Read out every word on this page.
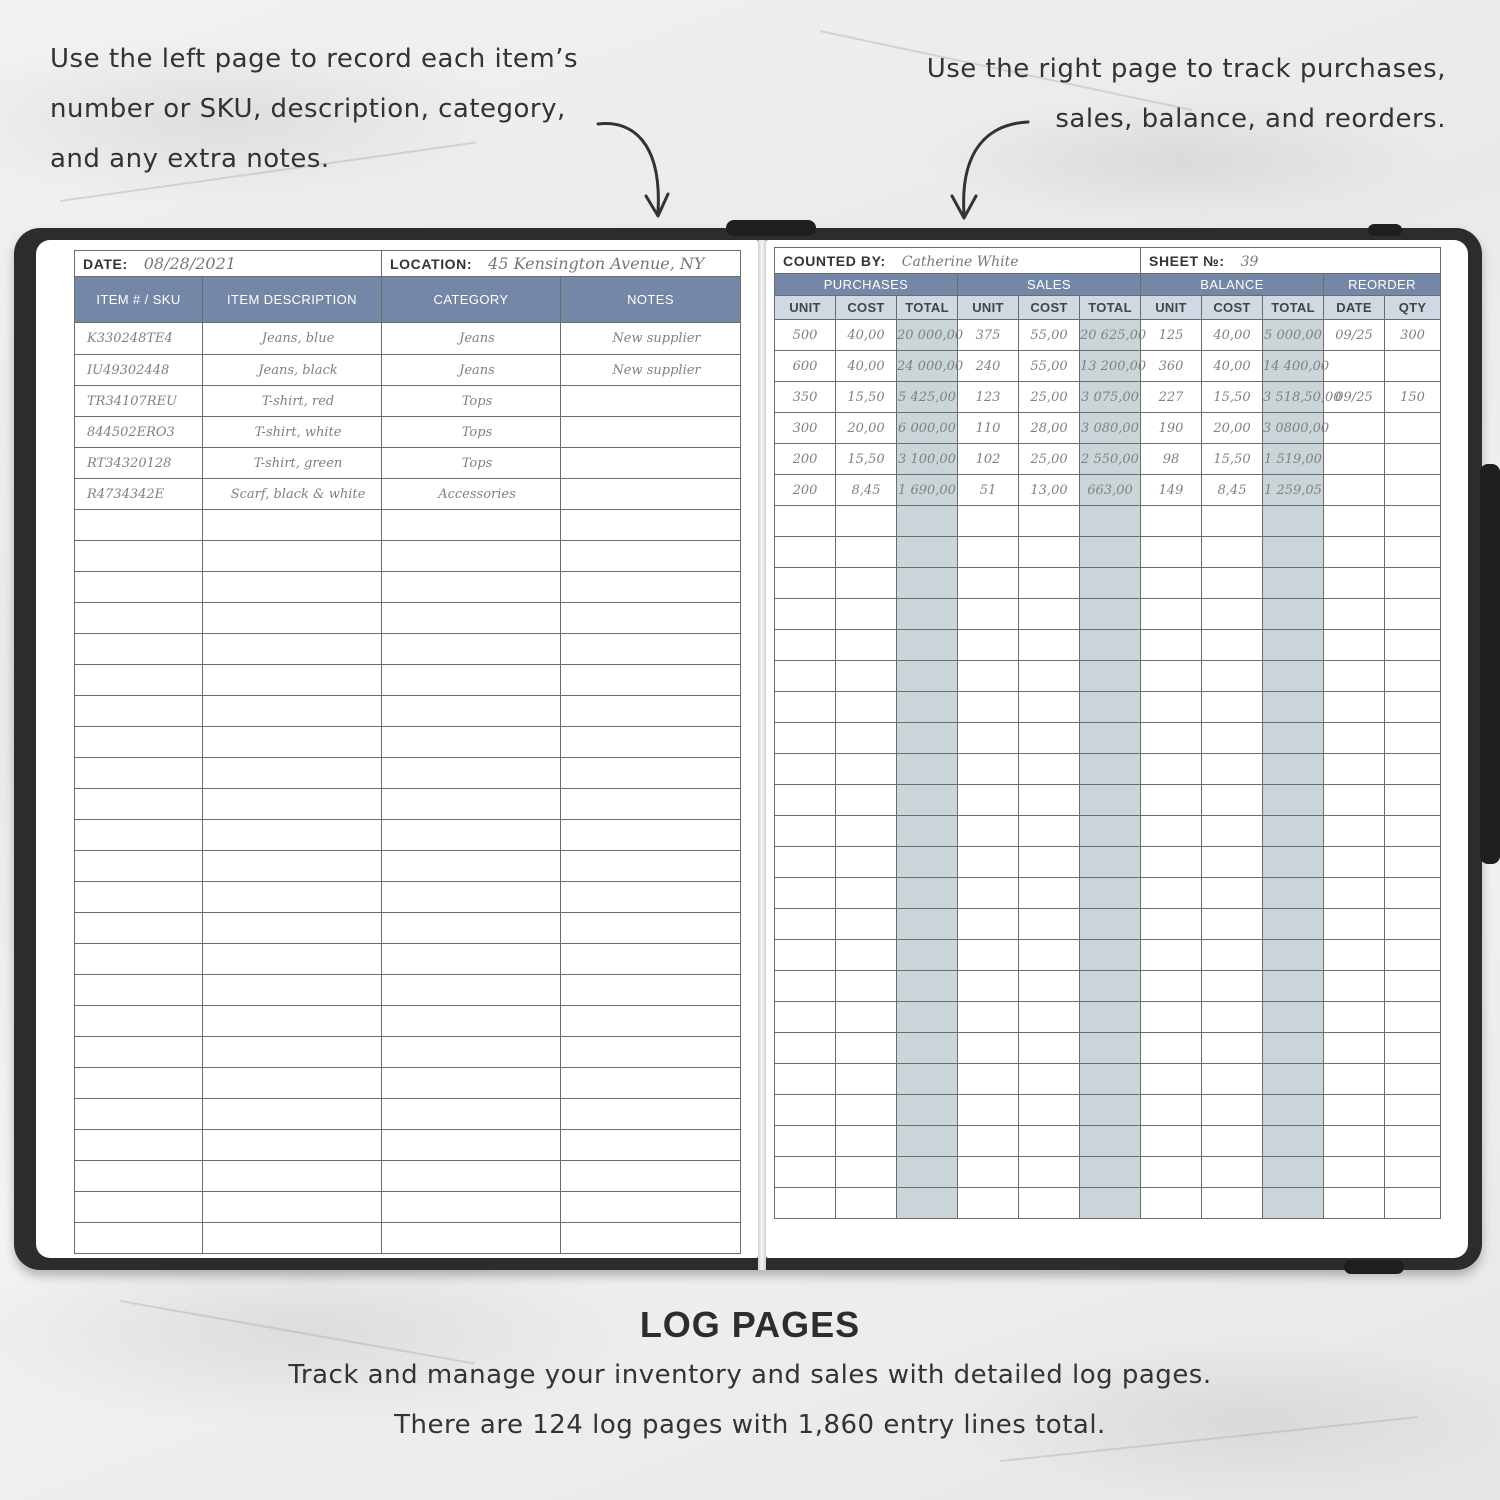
Use the left page to record each item’s
number or SKU, description, category,
and any extra notes.
Use the right page to track purchases,
sales, balance, and reorders.
DATE: 08/28/2021		LOCATION: 45 Kensington Avenue, NY	
ITEM # / SKU	ITEM DESCRIPTION	CATEGORY	NOTES
K330248TE4	Jeans, blue	Jeans	New supplier
IU49302448	Jeans, black	Jeans	New supplier
TR34107REU	T-shirt, red	Tops	
844502ERO3	T-shirt, white	Tops	
RT34320128	T-shirt, green	Tops	
R4734342E	Scarf, black & white	Accessories	

COUNTED BY: Catherine White						SHEET №: 39				
PURCHASES			SALES			BALANCE			REORDER	
UNIT	COST	TOTAL	UNIT	COST	TOTAL	UNIT	COST	TOTAL	DATE	QTY
500	40,00	20 000,00	375	55,00	20 625,00	125	40,00	5 000,00	09/25	300
600	40,00	24 000,00	240	55,00	13 200,00	360	40,00	14 400,00		
350	15,50	5 425,00	123	25,00	3 075,00	227	15,50	3 518,50,00	09/25	150
300	20,00	6 000,00	110	28,00	3 080,00	190	20,00	3 0800,00		
200	15,50	3 100,00	102	25,00	2 550,00	98	15,50	1 519,00		
200	8,45	1 690,00	51	13,00	663,00	149	8,45	1 259,05		

LOG PAGES
Track and manage your inventory and sales with detailed log pages.
There are 124 log pages with 1,860 entry lines total.
